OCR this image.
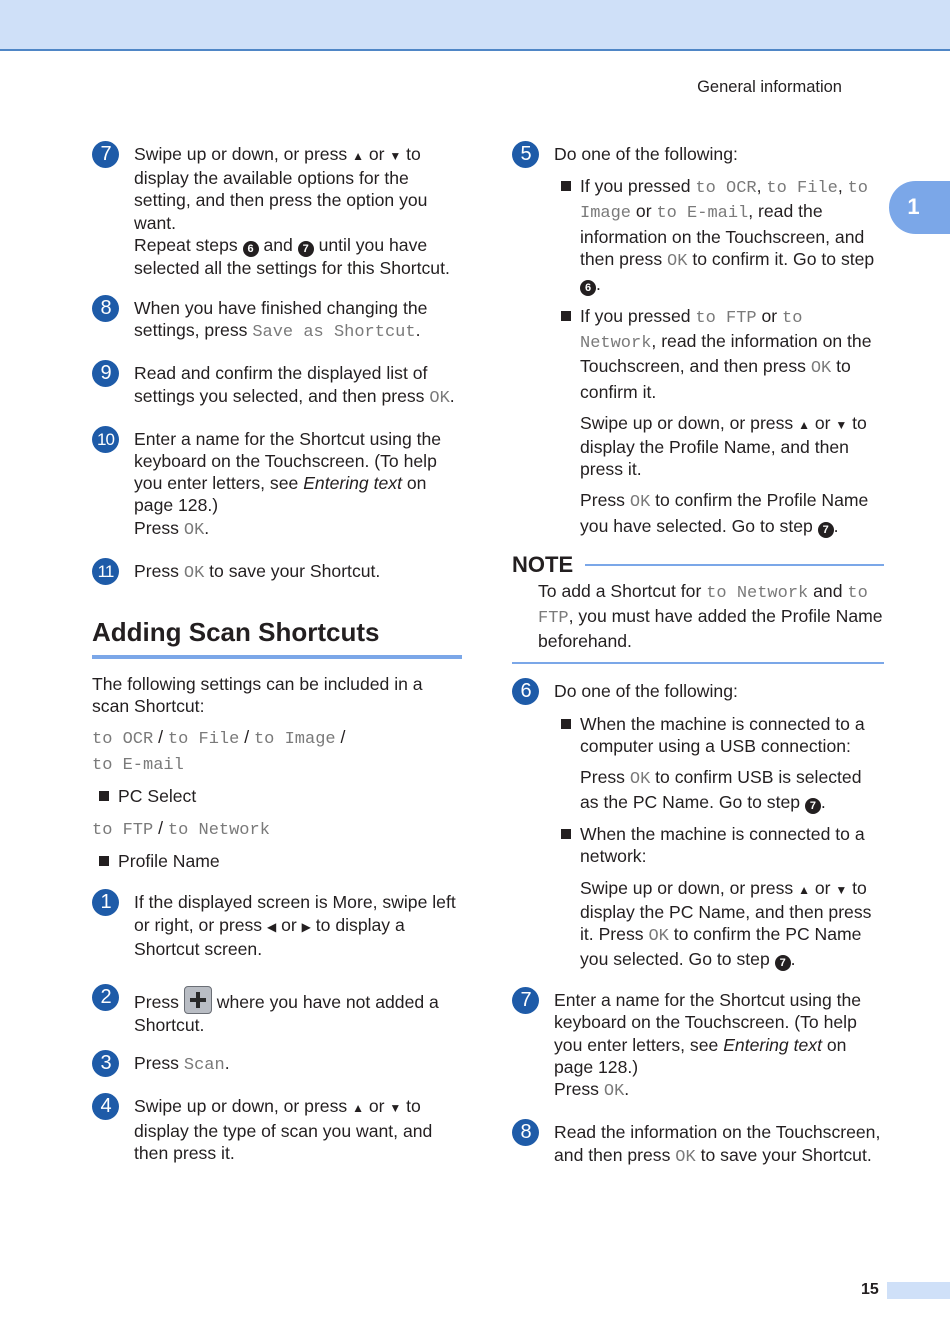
General information
1
7	Swipe up or down, or press ▲ or ▼ to display the available options for the setting, and then press the option you want.
Repeat steps 6 and 7 until you have selected all the settings for this Shortcut.
8	When you have finished changing the settings, press Save as Shortcut.
9	Read and confirm the displayed list of settings you selected, and then press OK.
10 Enter a name for the Shortcut using the keyboard on the Touchscreen. (To help you enter letters, see Entering text on page 128.)
Press OK.
11	Press OK to save your Shortcut.
Adding Scan Shortcuts
The following settings can be included in a scan Shortcut:
to OCR / to File / to Image /
to E-mail
PC Select
to FTP / to Network
Profile Name
1	If the displayed screen is More, swipe left or right, or press ◀ or ▶ to display a Shortcut screen.
2	Press  where you have not added a Shortcut.
3	Press Scan.
4	Swipe up or down, or press ▲ or ▼ to display the type of scan you want, and then press it.
5	Do one of the following:
If you pressed to OCR, to File, to Image or to E-mail, read the information on the Touchscreen, and then press OK to confirm it. Go to step 6 .
If you pressed to FTP or to Network, read the information on the Touchscreen, and then press OK to confirm it.
Swipe up or down, or press ▲ or ▼ to display the Profile Name, and then press it.
Press OK to confirm the Profile Name you have selected. Go to step 7 .
NOTE
To add a Shortcut for to Network and to FTP, you must have added the Profile Name beforehand.
6	Do one of the following:
When the machine is connected to a computer using a USB connection:
Press OK to confirm USB is selected as the PC Name. Go to step 7 .
When the machine is connected to a network:
Swipe up or down, or press ▲ or ▼ to display the PC Name, and then press it. Press OK to confirm the PC Name you selected. Go to step 7 .
7	Enter a name for the Shortcut using the keyboard on the Touchscreen. (To help you enter letters, see Entering text on page 128.)
Press OK.
8	Read the information on the Touchscreen, and then press OK to save your Shortcut.
15
